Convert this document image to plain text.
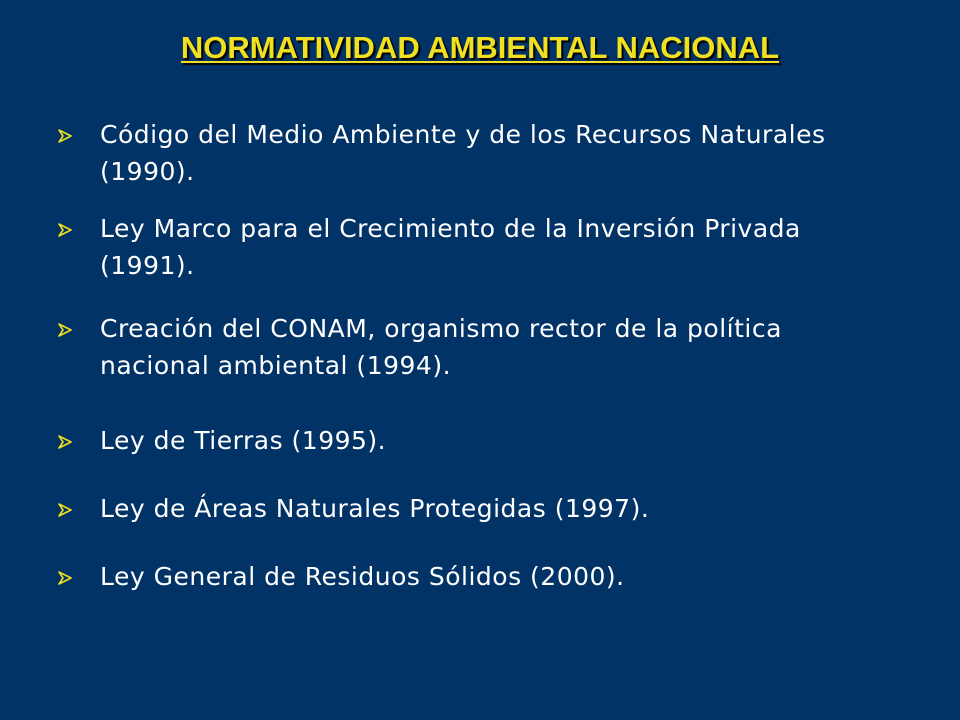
NORMATIVIDAD AMBIENTAL NACIONAL
Código del Medio Ambiente y de los Recursos Naturales (1990).
Ley Marco para el Crecimiento de la Inversión Privada (1991).
Creación del CONAM, organismo rector de la política nacional ambiental (1994).
Ley de Tierras (1995).
Ley de Áreas Naturales Protegidas (1997).
Ley General de Residuos Sólidos (2000).
